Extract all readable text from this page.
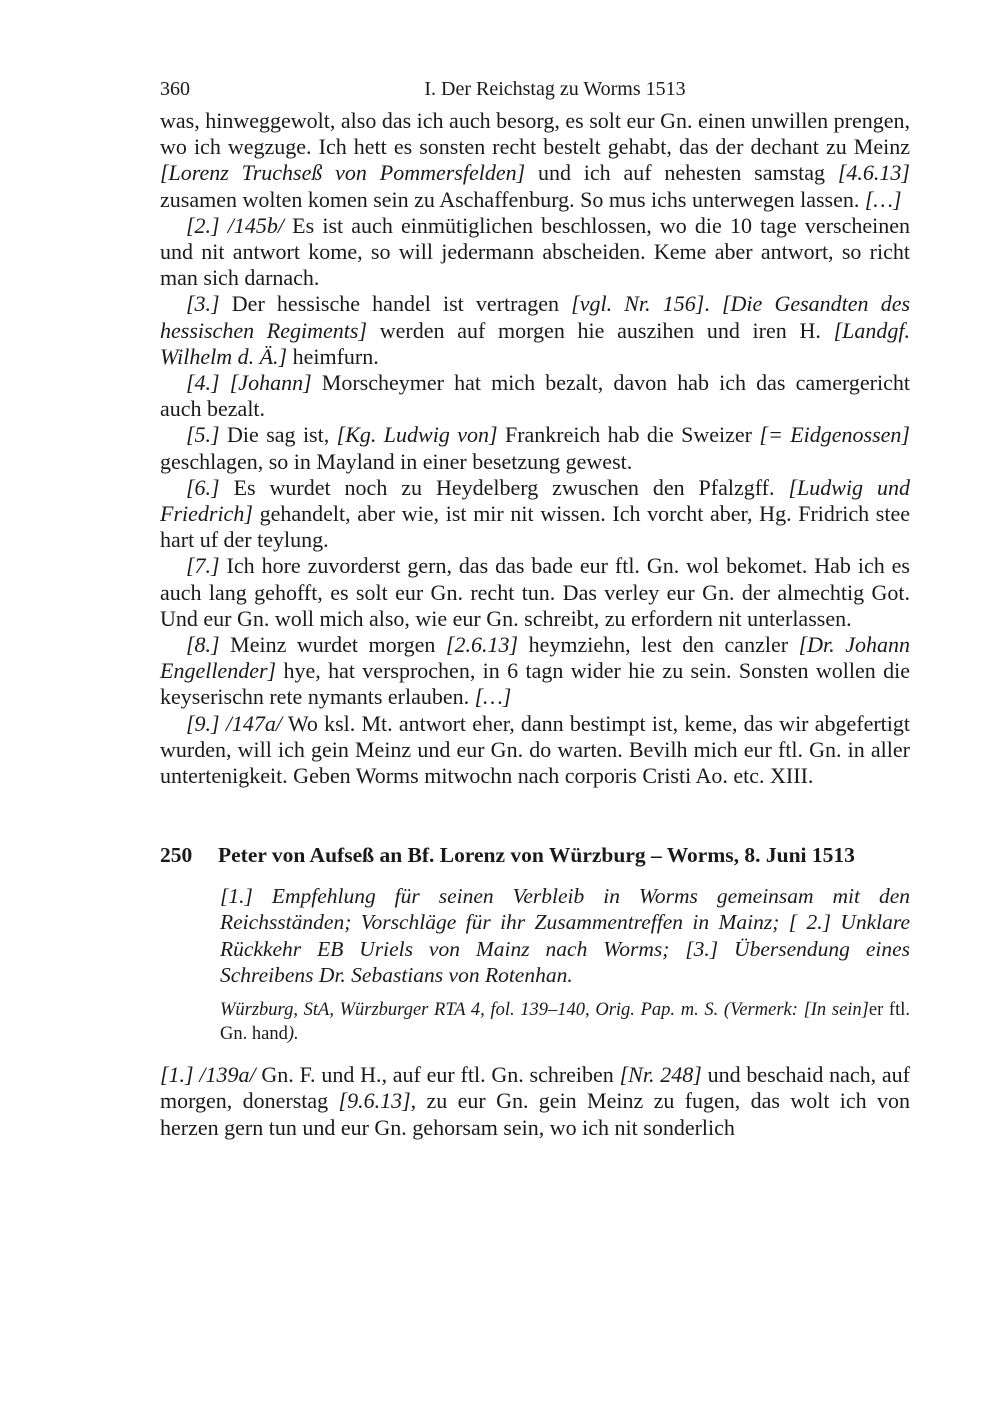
360	I. Der Reichstag zu Worms 1513

was, hinweggewolt, also das ich auch besorg, es solt eur Gn. einen unwillen prengen, wo ich wegzuge. Ich hett es sonsten recht bestelt gehabt, das der dechant zu Meinz [Lorenz Truchseß von Pommersfelden] und ich auf nehesten samstag [4.6.13] zusamen wolten komen sein zu Aschaffenburg. So mus ichs unterwegen lassen. […]

[2.] /145b/ Es ist auch einmütiglichen beschlossen, wo die 10 tage verscheinen und nit antwort kome, so will jedermann abscheiden. Keme aber antwort, so richt man sich darnach.

[3.] Der hessische handel ist vertragen [vgl. Nr. 156]. [Die Gesandten des hessischen Regiments] werden auf morgen hie auszihen und iren H. [Landgf. Wilhelm d. Ä.] heimfurn.

[4.] [Johann] Morscheymer hat mich bezalt, davon hab ich das camergericht auch bezalt.

[5.] Die sag ist, [Kg. Ludwig von] Frankreich hab die Sweizer [= Eidgenossen] geschlagen, so in Mayland in einer besetzung gewest.

[6.] Es wurdet noch zu Heydelberg zwuschen den Pfalzgff. [Ludwig und Friedrich] gehandelt, aber wie, ist mir nit wissen. Ich vorcht aber, Hg. Fridrich stee hart uf der teylung.

[7.] Ich hore zuvorderst gern, das das bade eur ftl. Gn. wol bekomet. Hab ich es auch lang gehofft, es solt eur Gn. recht tun. Das verley eur Gn. der almechtig Got. Und eur Gn. woll mich also, wie eur Gn. schreibt, zu erfordern nit unterlassen.

[8.] Meinz wurdet morgen [2.6.13] heymziehn, lest den canzler [Dr. Johann Engellender] hye, hat versprochen, in 6 tagn wider hie zu sein. Sonsten wollen die keyserischn rete nymants erlauben. […]

[9.] /147a/ Wo ksl. Mt. antwort eher, dann bestimpt ist, keme, das wir abgefertigt wurden, will ich gein Meinz und eur Gn. do warten. Bevilh mich eur ftl. Gn. in aller untertenigkeit. Geben Worms mitwochn nach corporis Cristi Ao. etc. XIII.

250	Peter von Aufseß an Bf. Lorenz von Würzburg – Worms, 8. Juni 1513
[1.] Empfehlung für seinen Verbleib in Worms gemeinsam mit den Reichsständen; Vorschläge für ihr Zusammentreffen in Mainz; [ 2.] Unklare Rückkehr EB Uriels von Mainz nach Worms; [3.] Übersendung eines Schreibens Dr. Sebastians von Rotenhan.
Würzburg, StA, Würzburger RTA 4, fol. 139–140, Orig. Pap. m. S. (Vermerk: [In sein]er ftl. Gn. hand).

[1.] /139a/ Gn. F. und H., auf eur ftl. Gn. schreiben [Nr. 248] und beschaid nach, auf morgen, donerstag [9.6.13], zu eur Gn. gein Meinz zu fugen, das wolt ich von herzen gern tun und eur Gn. gehorsam sein, wo ich nit sonderlich
